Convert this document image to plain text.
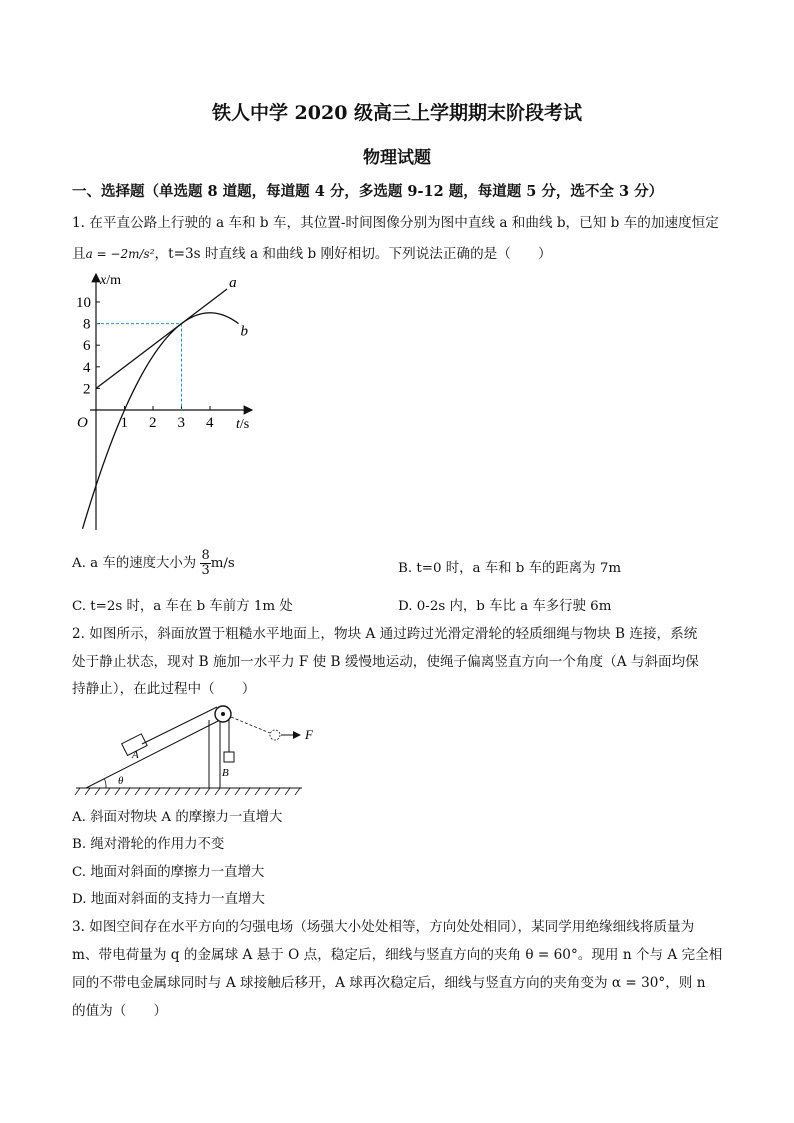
铁人中学 2020 级高三上学期期末阶段考试
物理试题
一、选择题（单选题 8 道题，每道题 4 分，多选题 9-12 题，每道题 5 分，选不全 3 分）
1. 在平直公路上行驶的 a 车和 b 车，其位置-时间图像分别为图中直线 a 和曲线 b，已知 b 车的加速度恒定
且a = −2m/s²，t=3s 时直线 a 和曲线 b 刚好相切。下列说法正确的是（　　）
x/m
t/s
O 1 2 3 4
2
4
6
8
10
a
b
A. a 车的速度大小为 $\frac{8}{3} m/s$	B. t=0 时，a 车和 b 车的距离为 7m
C. t=2s 时，a 车在 b 车前方 1m 处	D. 0-2s 内，b 车比 a 车多行驶 6m
2. 如图所示，斜面放置于粗糙水平地面上，物块 A 通过跨过光滑定滑轮的轻质细绳与物块 B 连接，系统
处于静止状态，现对 B 施加一水平力 F 使 B 缓慢地运动，使绳子偏离竖直方向一个角度（A 与斜面均保
持静止），在此过程中（　　）
θ
A
B
F
A. 斜面对物块 A 的摩擦力一直增大
B. 绳对滑轮的作用力不变
C. 地面对斜面的摩擦力一直增大
D. 地面对斜面的支持力一直增大
3. 如图空间存在水平方向的匀强电场（场强大小处处相等，方向处处相同），某同学用绝缘细线将质量为
m、带电荷量为 q 的金属球 A 悬于 O 点，稳定后，细线与竖直方向的夹角 θ = 60°。现用 n 个与 A 完全相
同的不带电金属球同时与 A 球接触后移开，A 球再次稳定后，细线与竖直方向的夹角变为 α = 30°，则 n
的值为（　　）
